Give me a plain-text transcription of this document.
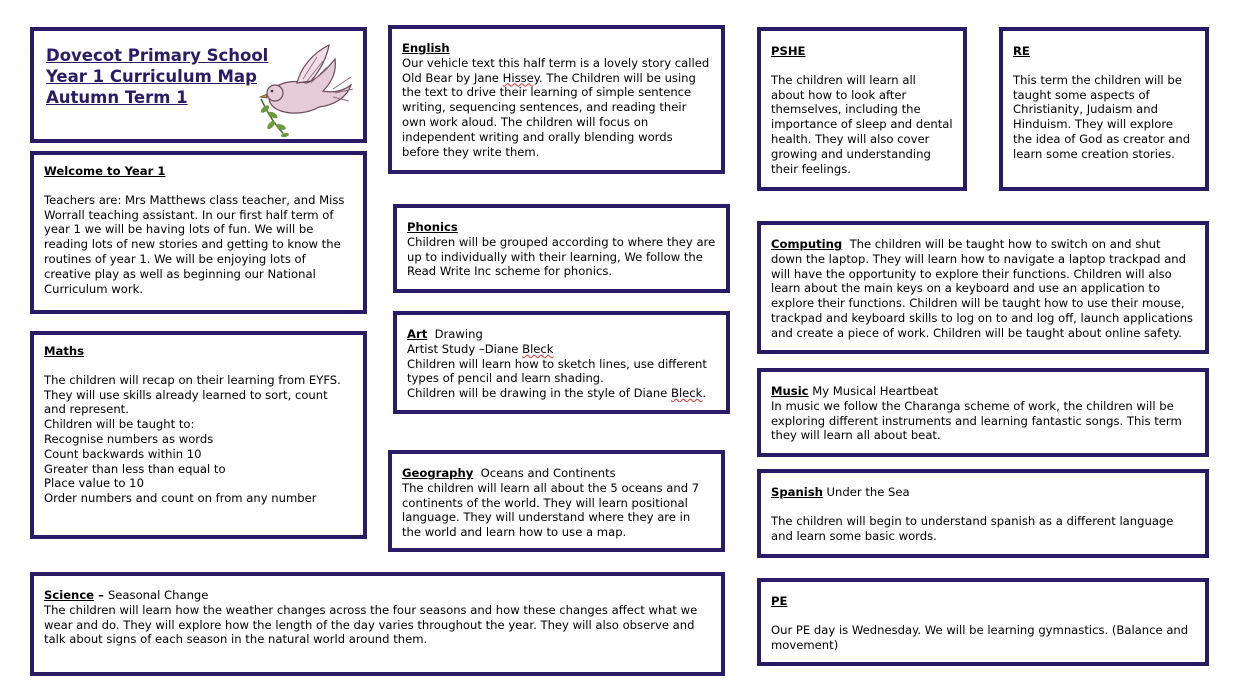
Dovecot Primary School
Year 1 Curriculum Map
Autumn Term 1
Welcome to Year 1

Teachers are: Mrs Matthews class teacher, and Miss Worrall teaching assistant. In our first half term of year 1 we will be having lots of fun. We will be reading lots of new stories and getting to know the routines of year 1. We will be enjoying lots of creative play as well as beginning our National Curriculum work.

Maths

The children will recap on their learning from EYFS. They will use skills already learned to sort, count and represent.

Children will be taught to:
Recognise numbers as words
Count backwards within 10
Greater than less than equal to
Place value to 10
Order numbers and count on from any number
Science – Seasonal Change

The children will learn how the weather changes across the four seasons and how these changes affect what we wear and do. They will explore how the length of the day varies throughout the year. They will also observe and talk about signs of each season in the natural world around them.

English

Our vehicle text this half term is a lovely story called Old Bear by Jane Hissey. The Children will be using the text to drive their learning of simple sentence writing, sequencing sentences, and reading their own work aloud. The children will focus on independent writing and orally blending words before they write them.

Phonics

Children will be grouped according to where they are up to individually with their learning, We follow the Read Write Inc scheme for phonics.

Art Drawing

Artist Study –Diane Bleck

Children will learn how to sketch lines, use different types of pencil and learn shading.

Children will be drawing in the style of Diane Bleck.

Geography Oceans and Continents

The children will learn all about the 5 oceans and 7 continents of the world. They will learn positional language. They will understand where they are in the world and learn how to use a map.

PSHE

The children will learn all about how to look after themselves, including the importance of sleep and dental health. They will also cover growing and understanding their feelings.

RE

This term the children will be taught some aspects of Christianity, Judaism and Hinduism. They will explore the idea of God as creator and learn some creation stories.

Computing The children will be taught how to switch on and shut down the laptop. They will learn how to navigate a laptop trackpad and will have the opportunity to explore their functions. Children will also learn about the main keys on a keyboard and use an application to explore their functions. Children will be taught how to use their mouse, trackpad and keyboard skills to log on to and log off, launch applications and create a piece of work. Children will be taught about online safety.

Music My Musical Heartbeat

In music we follow the Charanga scheme of work, the children will be exploring different instruments and learning fantastic songs. This term they will learn all about beat.

Spanish Under the Sea

The children will begin to understand spanish as a different language and learn some basic words.

PE

Our PE day is Wednesday. We will be learning gymnastics. (Balance and movement)
